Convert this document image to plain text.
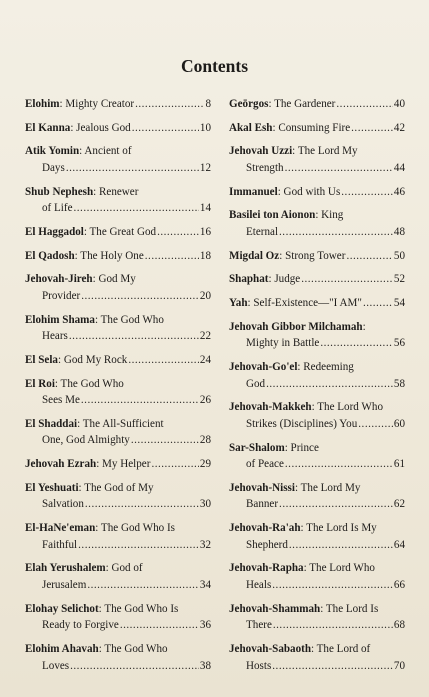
Contents
Elohim : Mighty Creator .....	8
El Kanna : Jealous God .....	10
Atik Yomin : Ancient of
Days .....	12
Shub Nephesh : Renewer
of Life .....	14
El Haggadol : The Great God .....	16
El Qadosh : The Holy One .....	18
Jehovah-Jireh : God My
Provider .....	20
Elohim Shama : The God Who
Hears .....	22
El Sela : God My Rock .....	24
El Roi : The God Who
Sees Me .....	26
El Shaddai : The All-Sufficient
One, God Almighty .....	28
Jehovah Ezrah : My Helper .....	29
El Yeshuati : The God of My
Salvation .....	30
El-HaNe'eman : The God Who Is
Faithful .....	32
Elah Yerushalem : God of
Jerusalem .....	34
Elohay Selichot : The God Who Is
Ready to Forgive .....	36
Elohim Ahavah : The God Who
Loves .....	38
Geōrgos : The Gardener .....	40
Akal Esh : Consuming Fire .....	42
Jehovah Uzzi : The Lord My
Strength .....	44
Immanuel : God with Us .....	46
Basilei ton Aionon : King
Eternal .....	48
Migdal Oz : Strong Tower .....	50
Shaphat : Judge .....	52
Yah : Self-Existence—"I AM" .....	54
Jehovah Gibbor Milchamah :
Mighty in Battle .....	56
Jehovah-Go'el : Redeeming
God .....	58
Jehovah-Makkeh : The Lord Who
Strikes (Disciplines) You .....	60
Sar-Shalom : Prince
of Peace .....	61
Jehovah-Nissi : The Lord My
Banner .....	62
Jehovah-Ra'ah : The Lord Is My
Shepherd .....	64
Jehovah-Rapha : The Lord Who
Heals .....	66
Jehovah-Shammah : The Lord Is
There .....	68
Jehovah-Sabaoth : The Lord of
Hosts .....	70
